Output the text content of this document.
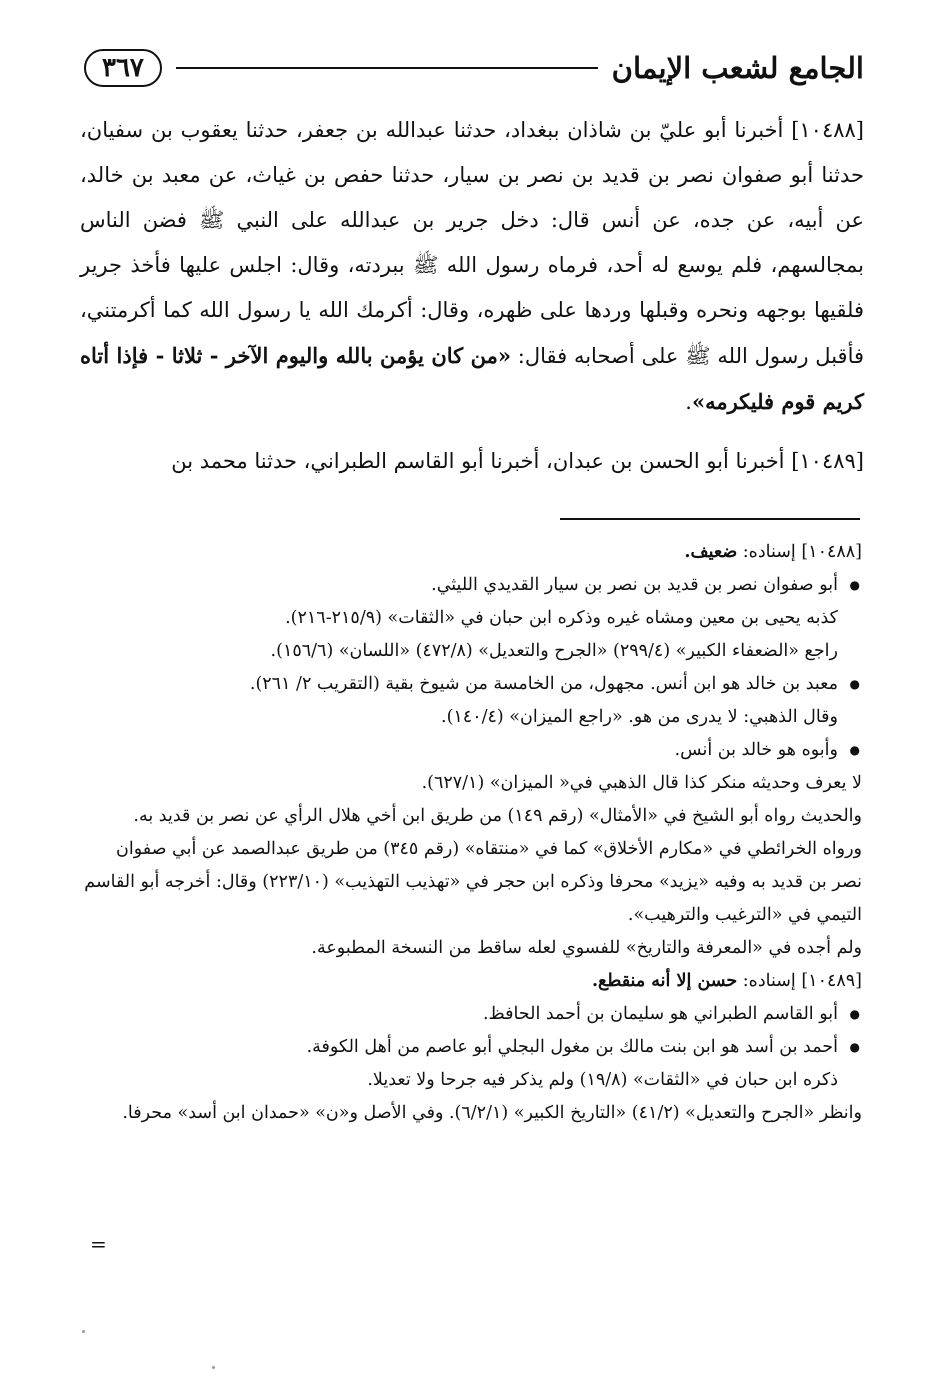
٣٦٧	الجامع لشعب الإيمان

[١٠٤٨٨] أخبرنا أبو عليّ بن شاذان ببغداد، حدثنا عبدالله بن جعفر، حدثنا يعقوب بن سفيان، حدثنا أبو صفوان نصر بن قديد بن نصر بن سيار، حدثنا حفص بن غياث، عن معبد بن خالد، عن أبيه، عن جده، عن أنس قال: دخل جرير بن عبدالله على النبي ﷺ فضن الناس بمجالسهم، فلم يوسع له أحد، فرماه رسول الله ﷺ ببردته، وقال: اجلس عليها فأخذ جرير فلقيها بوجهه ونحره وقبلها وردها على ظهره، وقال: أكرمك الله يا رسول الله كما أكرمتني، فأقبل رسول الله ﷺ على أصحابه فقال: «من كان يؤمن بالله واليوم الآخر - ثلاثا - فإذا أتاه كريم قوم فليكرمه».

[١٠٤٨٩] أخبرنا أبو الحسن بن عبدان، أخبرنا أبو القاسم الطبراني، حدثنا محمد بن

[١٠٤٨٨] إسناده: ضعيف.
● أبو صفوان نصر بن قديد بن نصر بن سيار القديدي الليثي.
كذبه يحيى بن معين ومشاه غيره وذكره ابن حبان في «الثقات» (٢١٥/٩-٢١٦).
راجع «الضعفاء الكبير» (٢٩٩/٤) «الجرح والتعديل» (٤٧٢/٨) «اللسان» (١٥٦/٦).
● معبد بن خالد هو ابن أنس. مجهول، من الخامسة من شيوخ بقية (التقريب ٢/ ٢٦١).
وقال الذهبي: لا يدرى من هو. «راجع الميزان» (١٤٠/٤).
● وأبوه هو خالد بن أنس.
لا يعرف وحديثه منكر كذا قال الذهبي في« الميزان» (٦٢٧/١).
والحديث رواه أبو الشيخ في «الأمثال» (رقم ١٤٩) من طريق ابن أخي هلال الرأي عن نصر بن قديد به.
ورواه الخرائطي في «مكارم الأخلاق» كما في «منتقاه» (رقم ٣٤٥) من طريق عبدالصمد عن أبي صفوان نصر بن قديد به وفيه «يزيد» محرفا وذكره ابن حجر في «تهذيب التهذيب» (٢٢٣/١٠) وقال: أخرجه أبو القاسم التيمي في «الترغيب والترهيب».
ولم أجده في «المعرفة والتاريخ» للفسوي لعله ساقط من النسخة المطبوعة.
[١٠٤٨٩] إسناده: حسن إلا أنه منقطع.
● أبو القاسم الطبراني هو سليمان بن أحمد الحافظ.
● أحمد بن أسد هو ابن بنت مالك بن مغول البجلي أبو عاصم من أهل الكوفة.
ذكره ابن حبان في «الثقات» (١٩/٨) ولم يذكر فيه جرحا ولا تعديلا.
وانظر «الجرح والتعديل» (٤١/٢) «التاريخ الكبير» (٦/٢/١). وفي الأصل و«ن» «حمدان ابن أسد» محرفا.
=
